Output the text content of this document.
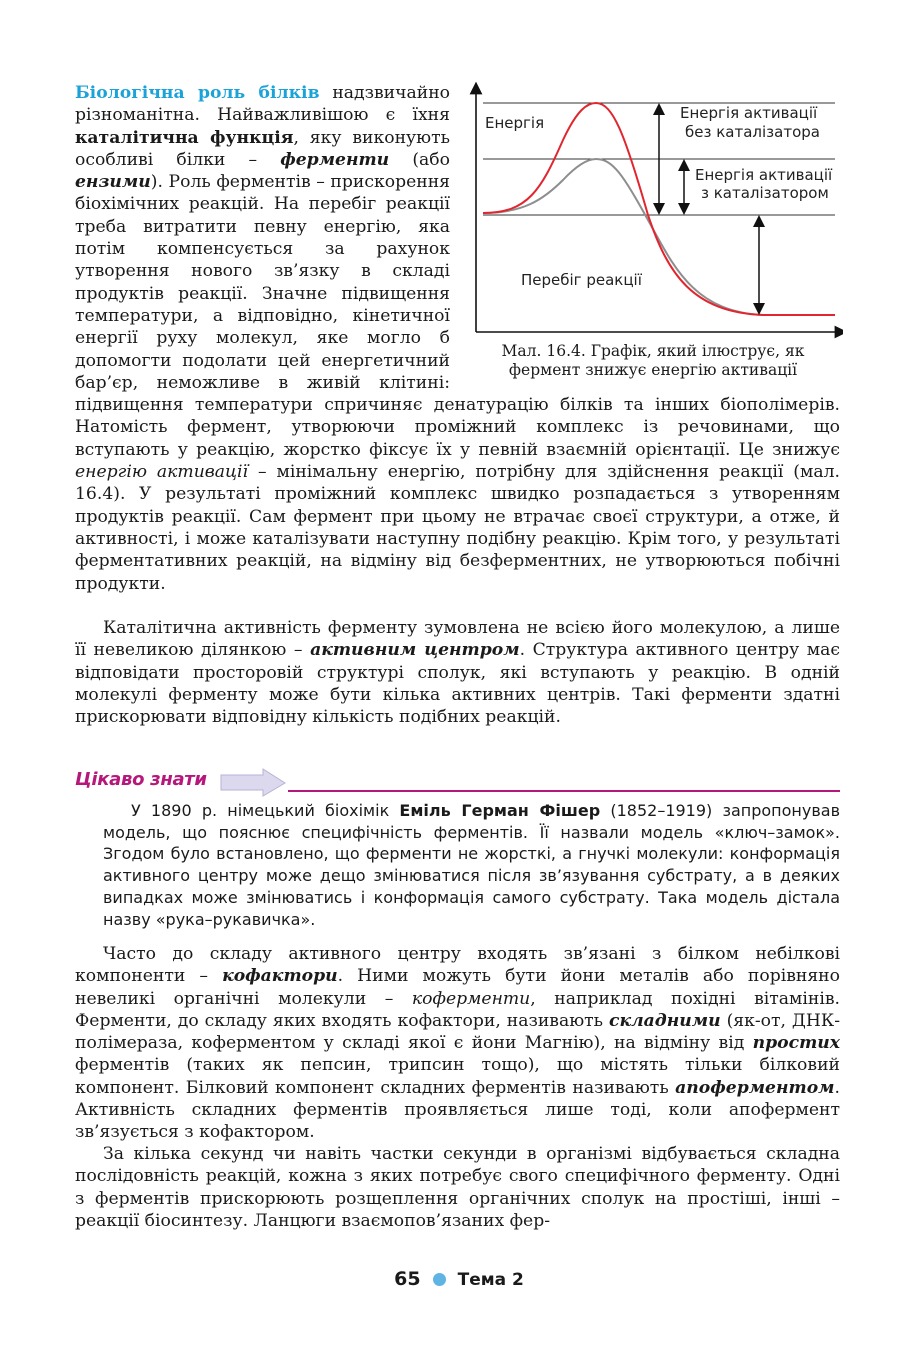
Енергія
Енергія активації
без каталізатора
Енергія активації
з каталізатором
Перебіг реакції
Мал. 16.4. Графік, який ілюструє, як
фермент знижує енергію активації

Біологічна роль білків надзвичайно різноманітна. Найважливішою є їхня каталітична функція, яку виконують особливі білки – ферменти (або ензими). Роль ферментів – прискорення біохімічних реакцій. На перебіг реакції треба витратити певну енергію, яка потім компенсується за рахунок утворення нового зв’язку в складі продуктів реакції. Значне підвищення температури, а відповідно, кінетичної енергії руху молекул, яке могло б допомогти подолати цей енергетичний бар’єр, неможливе в живій клітині: підвищення температури спричиняє денатурацію білків та інших біополімерів. Натомість фермент, утворюючи проміжний комплекс із речовинами, що вступають у реакцію, жорстко фіксує їх у певній взаємній орієнтації. Це знижує енергію активації – мінімальну енергію, потрібну для здійснення реакції (мал. 16.4). У результаті проміжний комплекс швидко розпадається з утворенням продуктів реакції. Сам фермент при цьому не втрачає своєї структури, а отже, й активності, і може каталізувати наступну подібну реакцію. Крім того, у результаті ферментативних реакцій, на відміну від безферментних, не утворюються побічні продукти.

Каталітична активність ферменту зумовлена не всією його молекулою, а лише її невеликою ділянкою – активним центром. Структура активного центру має відповідати просторовій структурі сполук, які вступають у реакцію. В одній молекулі ферменту може бути кілька активних центрів. Такі ферменти здатні прискорювати відповідну кількість подібних реакцій.

Цікаво знати

У 1890 р. німецький біохімік Еміль Герман Фішер (1852–1919) запропонував модель, що пояснює специфічність ферментів. Її назвали модель «ключ–замок». Згодом було встановлено, що ферменти не жорсткі, а гнучкі молекули: конформація активного центру може дещо змінюватися після зв’язування субстрату, а в деяких випадках може змінюватись і конформація самого субстрату. Така модель дістала назву «рука–рукавичка».

Часто до складу активного центру входять зв’язані з білком небілкові компоненти – кофактори. Ними можуть бути йони металів або порівняно невеликі органічні молекули – коферменти, наприклад похідні вітамінів. Ферменти, до складу яких входять кофактори, називають складними (як-от, ДНК-полімераза, коферментом у складі якої є йони Магнію), на відміну від простих ферментів (таких як пепсин, трипсин тощо), що містять тільки білковий компонент. Білковий компонент складних ферментів називають апоферментом. Активність складних ферментів проявляється лише тоді, коли апофермент зв’язується з кофактором.

За кілька секунд чи навіть частки секунди в організмі відбувається складна послідовність реакцій, кожна з яких потребує свого специфічного ферменту. Одні з ферментів прискорюють розщеплення органічних сполук на простіші, інші – реакції біосинтезу. Ланцюги взаємопов’язаних фер-

65 Тема 2
